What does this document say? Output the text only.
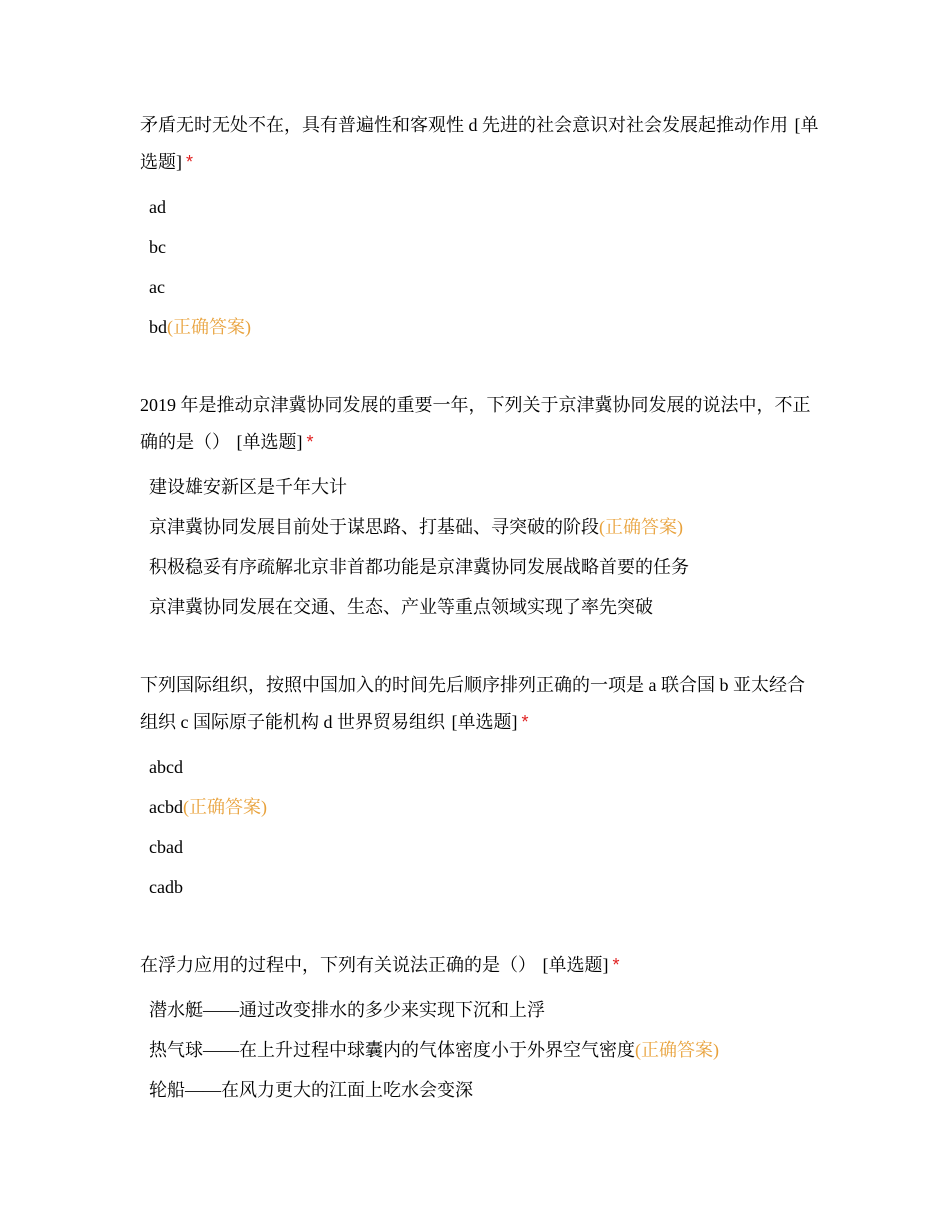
矛盾无时无处不在，具有普遍性和客观性 d 先进的社会意识对社会发展起推动作用 [单选题] *

ad
bc
ac
bd(正确答案)

2019 年是推动京津冀协同发展的重要一年，下列关于京津冀协同发展的说法中，不正确的是（） [单选题] *

建设雄安新区是千年大计
京津冀协同发展目前处于谋思路、打基础、寻突破的阶段(正确答案)
积极稳妥有序疏解北京非首都功能是京津冀协同发展战略首要的任务
京津冀协同发展在交通、生态、产业等重点领域实现了率先突破

下列国际组织，按照中国加入的时间先后顺序排列正确的一项是 a 联合国 b 亚太经合组织 c 国际原子能机构 d 世界贸易组织 [单选题] *

abcd
acbd(正确答案)
cbad
cadb

在浮力应用的过程中，下列有关说法正确的是（） [单选题] *

潜水艇——通过改变排水的多少来实现下沉和上浮
热气球——在上升过程中球囊内的气体密度小于外界空气密度(正确答案)
轮船——在风力更大的江面上吃水会变深
